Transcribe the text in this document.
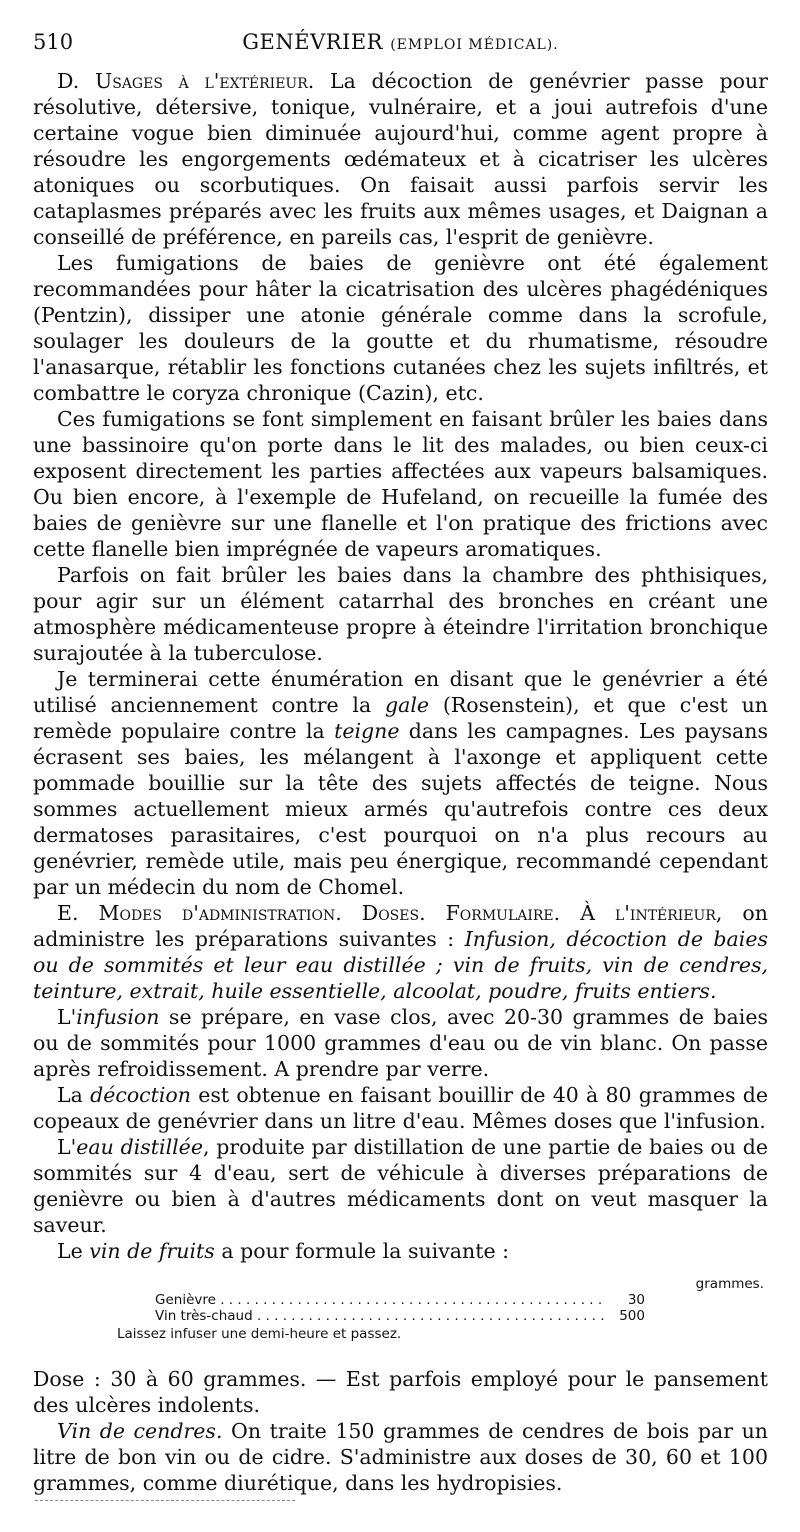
510	GENÉVRIER (EMPLOI MÉDICAL).

D. Usages à l'extérieur. La décoction de genévrier passe pour résolutive, détersive, tonique, vulnéraire, et a joui autrefois d'une certaine vogue bien diminuée aujourd'hui, comme agent propre à résoudre les engorgements œdémateux et à cicatriser les ulcères atoniques ou scorbutiques. On faisait aussi parfois servir les cataplasmes préparés avec les fruits aux mêmes usages, et Daignan a conseillé de préférence, en pareils cas, l'esprit de genièvre.

Les fumigations de baies de genièvre ont été également recommandées pour hâter la cicatrisation des ulcères phagédéniques (Pentzin), dissiper une atonie générale comme dans la scrofule, soulager les douleurs de la goutte et du rhumatisme, résoudre l'anasarque, rétablir les fonctions cutanées chez les sujets infiltrés, et combattre le coryza chronique (Cazin), etc.

Ces fumigations se font simplement en faisant brûler les baies dans une bassinoire qu'on porte dans le lit des malades, ou bien ceux-ci exposent directement les parties affectées aux vapeurs balsamiques. Ou bien encore, à l'exemple de Hufeland, on recueille la fumée des baies de genièvre sur une flanelle et l'on pratique des frictions avec cette flanelle bien imprégnée de vapeurs aromatiques.

Parfois on fait brûler les baies dans la chambre des phthisiques, pour agir sur un élément catarrhal des bronches en créant une atmosphère médicamenteuse propre à éteindre l'irritation bronchique surajoutée à la tuberculose.

Je terminerai cette énumération en disant que le genévrier a été utilisé anciennement contre la gale (Rosenstein), et que c'est un remède populaire contre la teigne dans les campagnes. Les paysans écrasent ses baies, les mélangent à l'axonge et appliquent cette pommade bouillie sur la tête des sujets affectés de teigne. Nous sommes actuellement mieux armés qu'autrefois contre ces deux dermatoses parasitaires, c'est pourquoi on n'a plus recours au genévrier, remède utile, mais peu énergique, recommandé cependant par un médecin du nom de Chomel.

E. Modes d'administration. Doses. Formulaire. À l'intérieur, on administre les préparations suivantes : Infusion, décoction de baies ou de sommités et leur eau distillée ; vin de fruits, vin de cendres, teinture, extrait, huile essentielle, alcoolat, poudre, fruits entiers.

L'infusion se prépare, en vase clos, avec 20-30 grammes de baies ou de sommités pour 1000 grammes d'eau ou de vin blanc. On passe après refroidissement. A prendre par verre.

La décoction est obtenue en faisant bouillir de 40 à 80 grammes de copeaux de genévrier dans un litre d'eau. Mêmes doses que l'infusion.

L'eau distillée, produite par distillation de une partie de baies ou de sommités sur 4 d'eau, sert de véhicule à diverses préparations de genièvre ou bien à d'autres médicaments dont on veut masquer la saveur.

Le vin de fruits a pour formule la suivante :

grammes.
Genièvre . . .	30
Vin très-chaud . . .	500
Laissez infuser une demi-heure et passez.

Dose : 30 à 60 grammes. — Est parfois employé pour le pansement des ulcères indolents.

Vin de cendres. On traite 150 grammes de cendres de bois par un litre de bon vin ou de cidre. S'administre aux doses de 30, 60 et 100 grammes, comme diurétique, dans les hydropisies.
